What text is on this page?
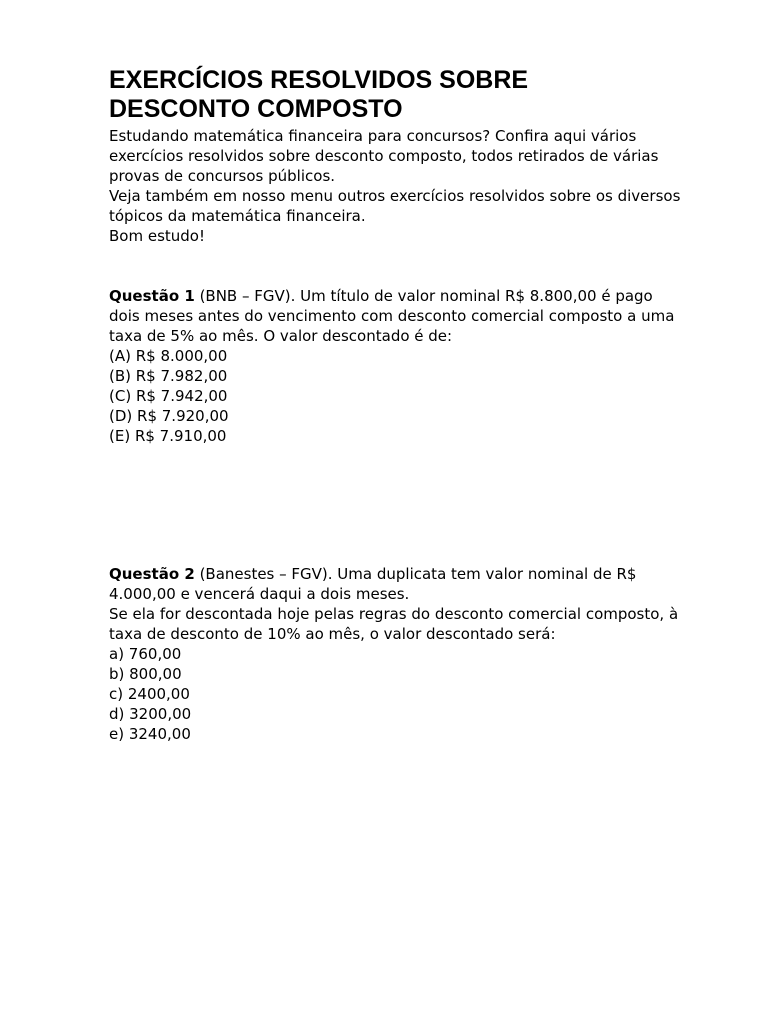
EXERCÍCIOS RESOLVIDOS SOBRE
DESCONTO COMPOSTO
Estudando matemática financeira para concursos? Confira aqui vários
exercícios resolvidos sobre desconto composto, todos retirados de várias
provas de concursos públicos.
Veja também em nosso menu outros exercícios resolvidos sobre os diversos
tópicos da matemática financeira.
Bom estudo!
Questão 1 (BNB – FGV). Um título de valor nominal R$ 8.800,00 é pago
dois meses antes do vencimento com desconto comercial composto a uma
taxa de 5% ao mês. O valor descontado é de:
(A) R$ 8.000,00
(B) R$ 7.982,00
(C) R$ 7.942,00
(D) R$ 7.920,00
(E) R$ 7.910,00
Questão 2 (Banestes – FGV). Uma duplicata tem valor nominal de R$
4.000,00 e vencerá daqui a dois meses.
Se ela for descontada hoje pelas regras do desconto comercial composto, à
taxa de desconto de 10% ao mês, o valor descontado será:
a) 760,00
b) 800,00
c) 2400,00
d) 3200,00
e) 3240,00
